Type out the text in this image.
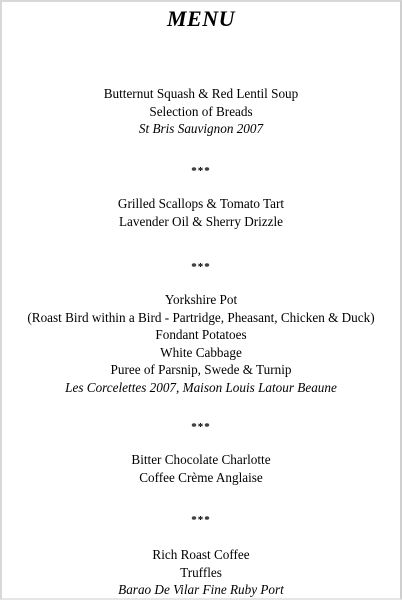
MENU
Butternut Squash & Red Lentil Soup
Selection of Breads
St Bris Sauvignon 2007
***
Grilled Scallops & Tomato Tart
Lavender Oil & Sherry Drizzle
***
Yorkshire Pot
(Roast Bird within a Bird - Partridge, Pheasant, Chicken & Duck)
Fondant Potatoes
White Cabbage
Puree of Parsnip, Swede & Turnip
Les Corcelettes 2007, Maison Louis Latour Beaune
***
Bitter Chocolate Charlotte
Coffee Crème Anglaise
***
Rich Roast Coffee
Truffles
Barao De Vilar Fine Ruby Port
